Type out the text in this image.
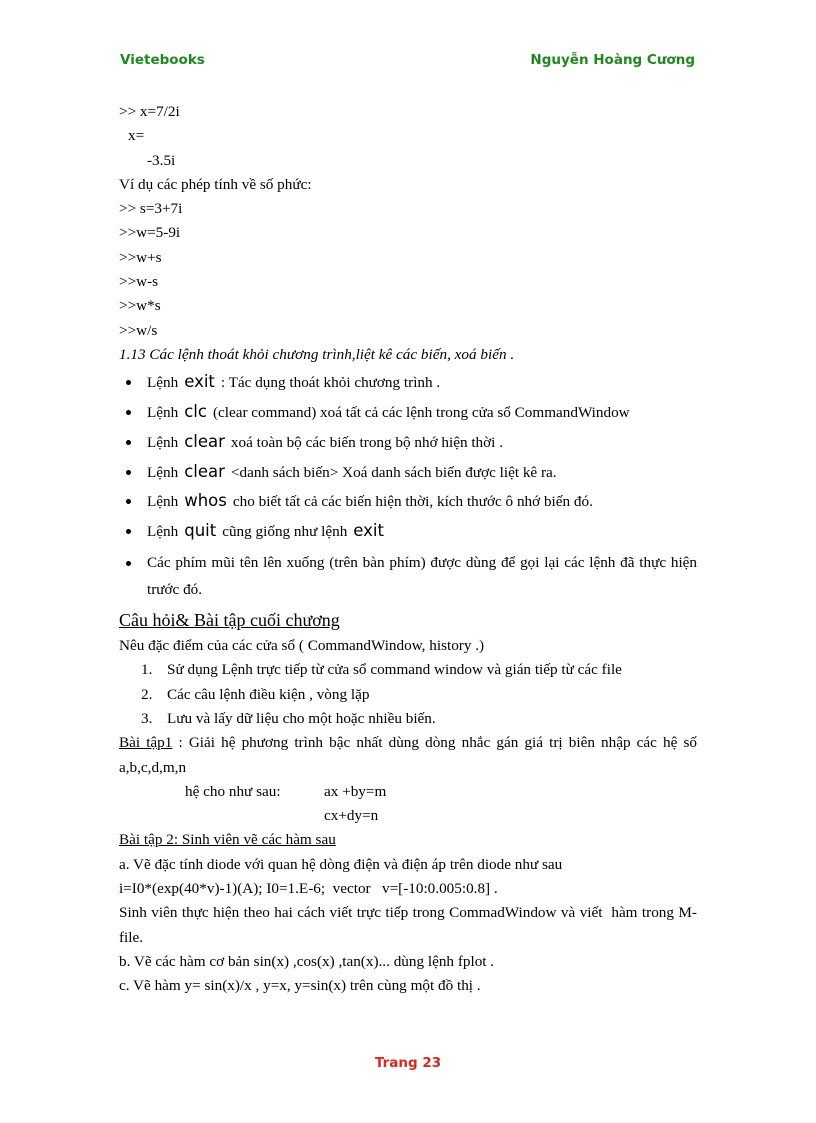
Vietebooks	Nguyễn Hoàng Cương

>> x=7/2i

x=

-3.5i

Ví dụ các phép tính về số phức:

>> s=3+7i

>>w=5-9i

>>w+s

>>w-s

>>w*s

>>w/s

1.13 Các lệnh thoát khỏi chương trình,liệt kê các biến, xoá biến .

Lệnh exit : Tác dụng thoát khỏi chương trình .
Lệnh clc (clear command) xoá tất cả các lệnh trong cửa sổ CommandWindow
Lệnh clear xoá toàn bộ các biến trong bộ nhớ hiện thời .
Lệnh clear <danh sách biến> Xoá danh sách biến được liệt kê ra.
Lệnh whos cho biết tất cả các biến hiện thời, kích thước ô nhớ biến đó.
Lệnh quit cũng giống như lệnh exit
Các phím mũi tên lên xuống (trên bàn phím) được dùng để gọi lại các lệnh đã thực hiện trước đó.

Câu hỏi& Bài tập cuối chương

Nêu đặc điểm của các cửa sổ ( CommandWindow, history .)

1. Sử dụng Lệnh trực tiếp từ cửa sổ command window và gián tiếp từ các file
2. Các câu lệnh điều kiện , vòng lặp
3. Lưu và lấy dữ liệu cho một hoặc nhiều biến.

Bài tập1 : Giải hệ phương trình bậc nhất dùng dòng nhắc gán giá trị biên nhập các hệ số a,b,c,d,m,n

hệ cho như sau:	ax +by=m
cx+dy=n

Bài tập 2: Sinh viên vẽ các hàm sau

a. Vẽ đặc tính diode với quan hệ dòng điện và điện áp trên diode như sau

i=I0*(exp(40*v)-1)(A); I0=1.E-6;  vector   v=[-10:0.005:0.8] .

Sinh viên thực hiện theo hai cách viết trực tiếp trong CommadWindow và viết  hàm trong M-file.

b. Vẽ các hàm cơ bản sin(x) ,cos(x) ,tan(x)... dùng lệnh fplot .

c. Vẽ hàm y= sin(x)/x , y=x, y=sin(x) trên cùng một đồ thị .

Trang 23
